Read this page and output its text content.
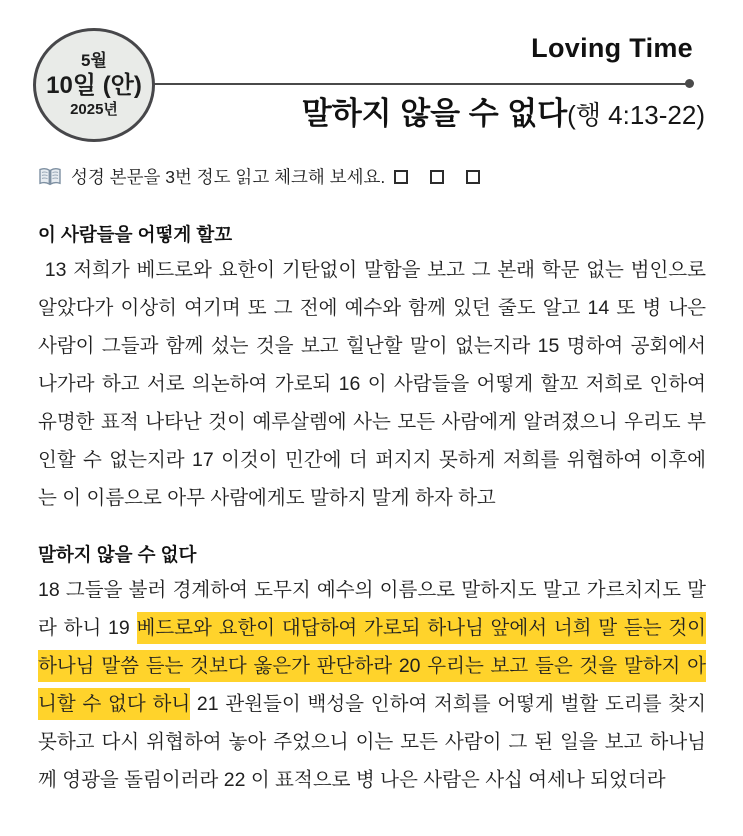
5월
10일 (안)
2025년
Loving Time
말하지 않을 수 없다(행 4:13-22)
성경 본문을 3번 정도 읽고 체크해 보세요.
이 사람들을 어떻게 할꼬
13 저희가 베드로와 요한이 기탄없이 말함을 보고 그 본래 학문 없는 범인으로
알았다가 이상히 여기며 또 그 전에 예수와 함께 있던 줄도 알고 14 또 병 나은
사람이 그들과 함께 섰는 것을 보고 힐난할 말이 없는지라 15 명하여 공회에서
나가라 하고 서로 의논하여 가로되 16 이 사람들을 어떻게 할꼬 저희로 인하여
유명한 표적 나타난 것이 예루살렘에 사는 모든 사람에게 알려졌으니 우리도 부
인할 수 없는지라 17 이것이 민간에 더 퍼지지 못하게 저희를 위협하여 이후에
는 이 이름으로 아무 사람에게도 말하지 말게 하자 하고
말하지 않을 수 없다
18 그들을 불러 경계하여 도무지 예수의 이름으로 말하지도 말고 가르치지도 말
라 하니 19 베드로와 요한이 대답하여 가로되 하나님 앞에서 너희 말 듣는 것이
하나님 말씀 듣는 것보다 옳은가 판단하라 20 우리는 보고 들은 것을 말하지 아
니할 수 없다 하니 21 관원들이 백성을 인하여 저희를 어떻게 벌할 도리를 찾지
못하고 다시 위협하여 놓아 주었으니 이는 모든 사람이 그 된 일을 보고 하나님
께 영광을 돌림이러라 22 이 표적으로 병 나은 사람은 사십 여세나 되었더라
